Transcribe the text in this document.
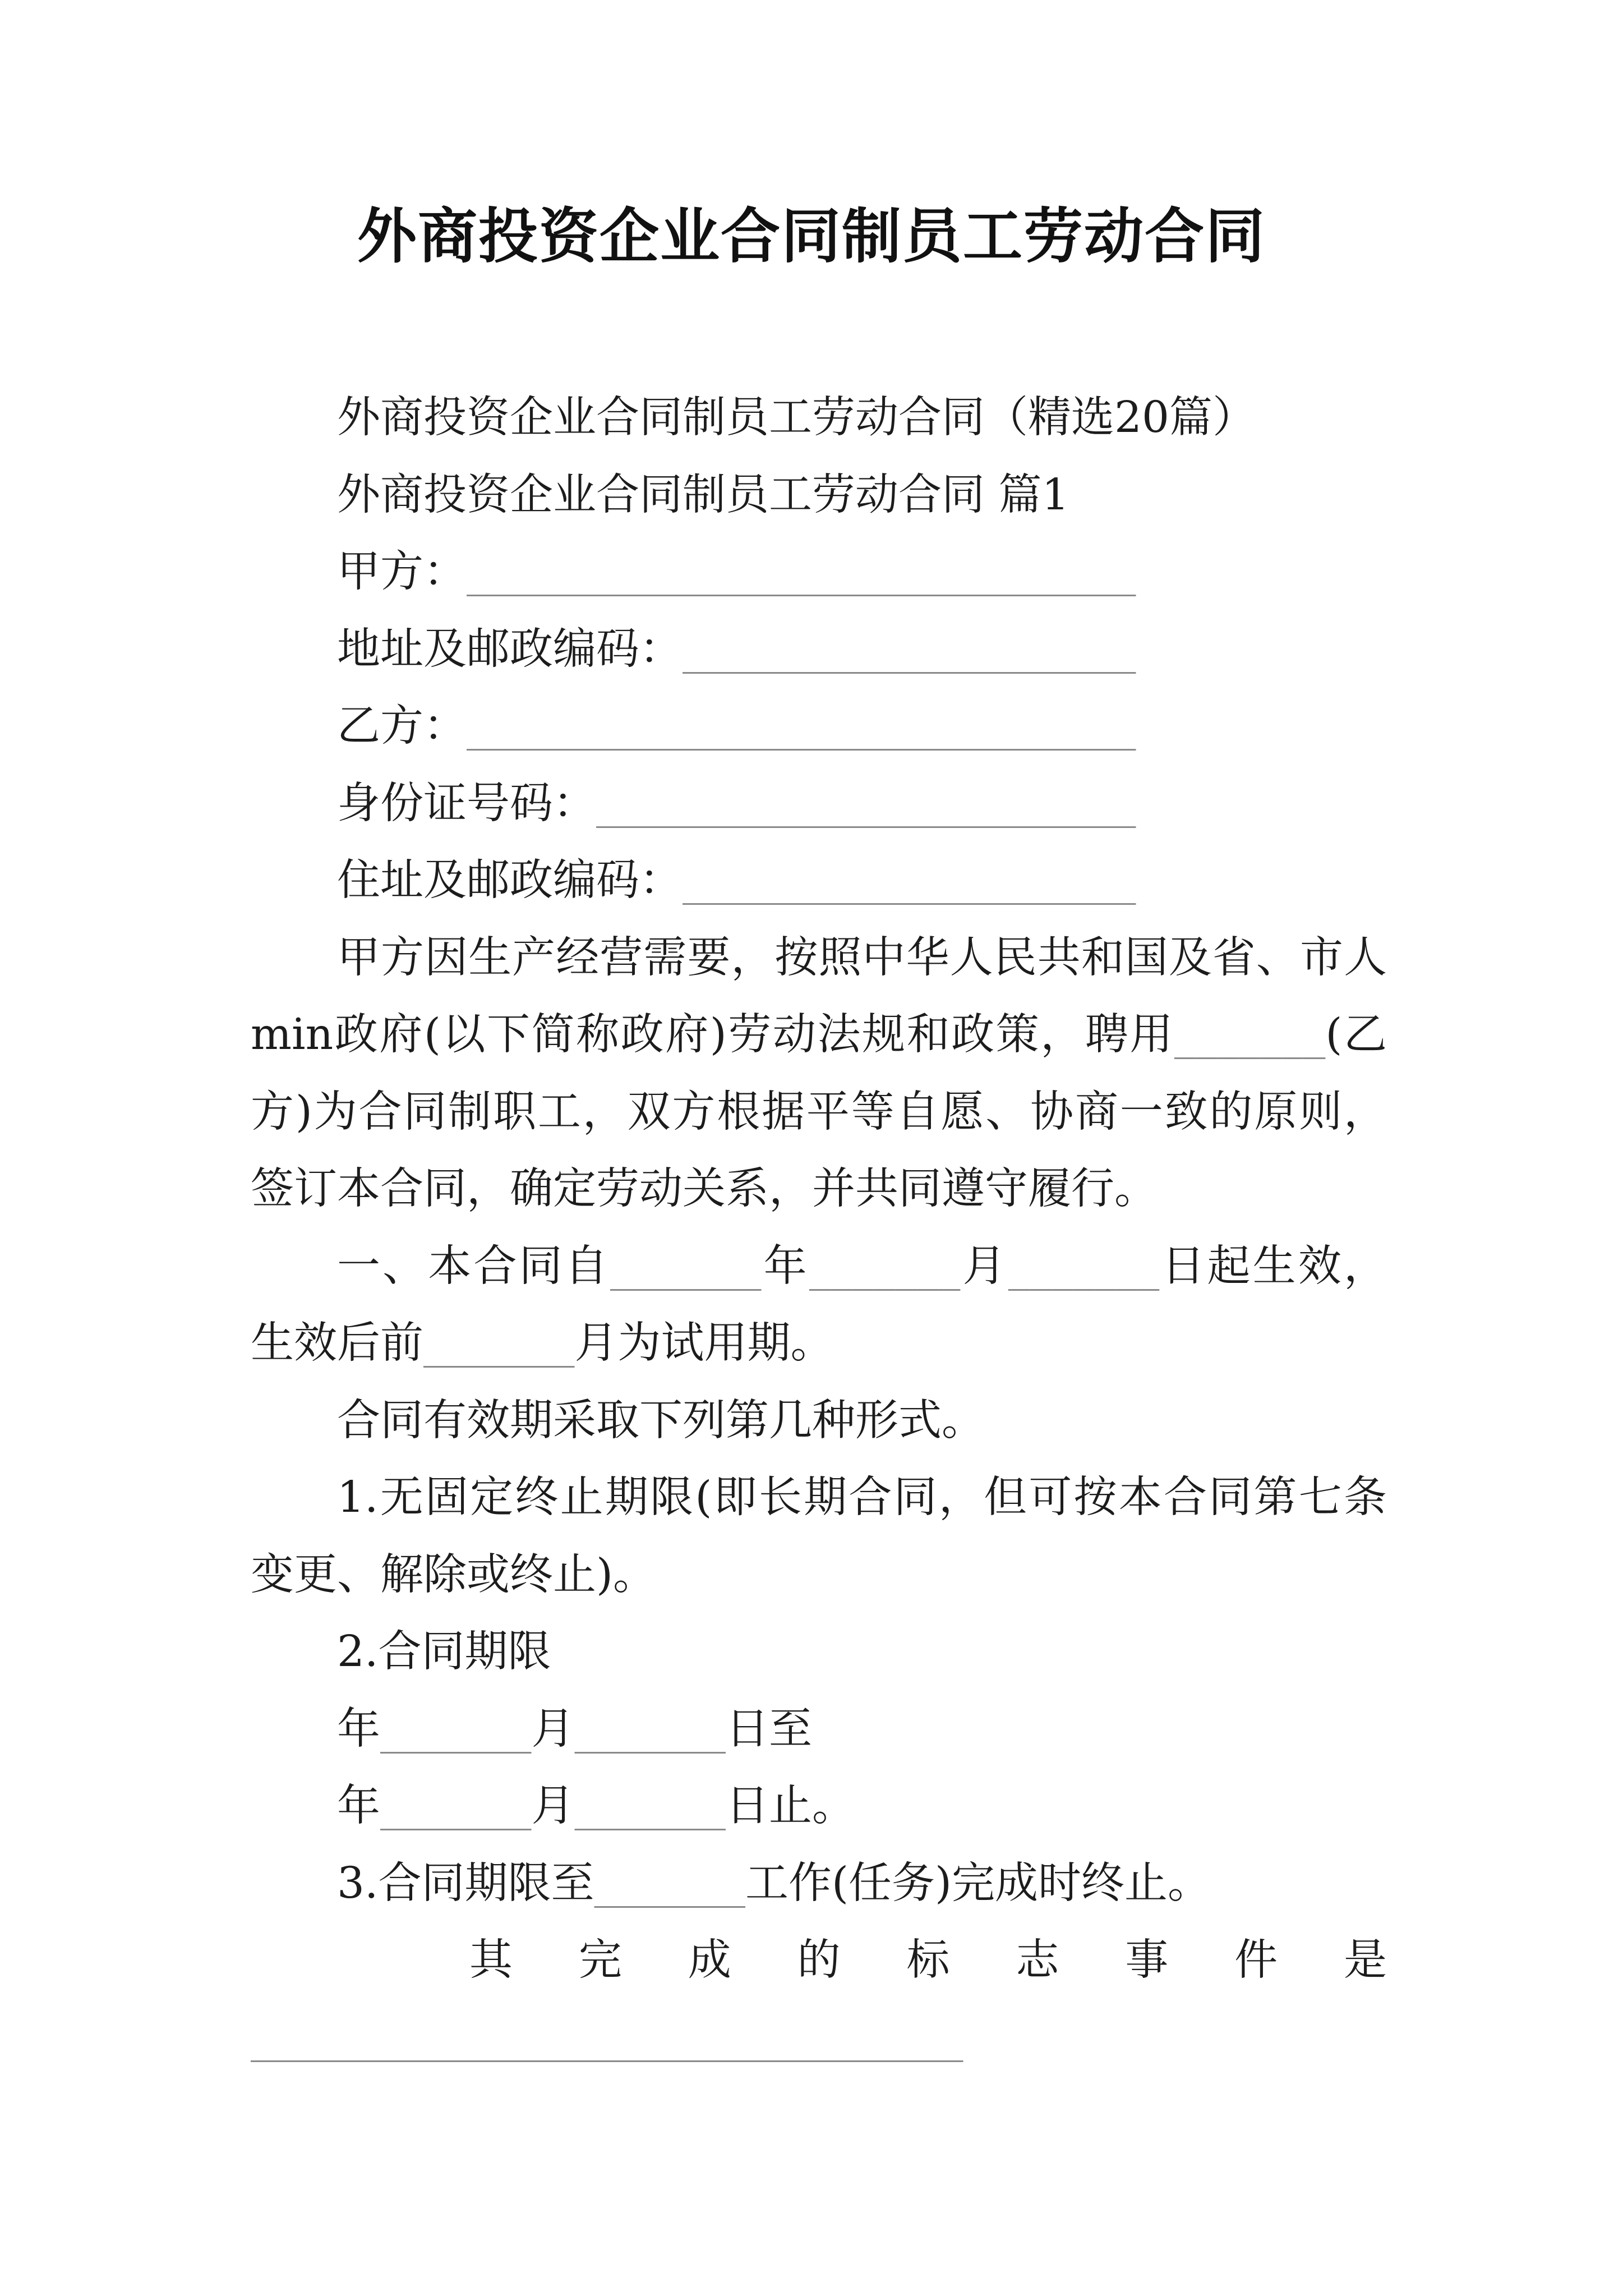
外商投资企业合同制员工劳动合同
外商投资企业合同制员工劳动合同（精选20篇）
外商投资企业合同制员工劳动合同 篇1
甲方：_______________________________
地址及邮政编码：_____________________
乙方：_______________________________
身份证号码：_________________________
住址及邮政编码：_____________________
甲方因生产经营需要，按照中华人民共和国及省、市人
min政府(以下简称政府)劳动法规和政策，聘用_______(乙
方)为合同制职工，双方根据平等自愿、协商一致的原则，
签订本合同，确定劳动关系，并共同遵守履行。
一、本合同自_______年_______月_______日起生效，
生效后前_______月为试用期。
合同有效期采取下列第几种形式。
1.无固定终止期限(即长期合同，但可按本合同第七条
变更、解除或终止)。
2.合同期限
年_______月_______日至
年_______月_______日止。
3.合同期限至_______工作(任务)完成时终止。
其 完 成 的 标 志 事 件 是
_________________________________
